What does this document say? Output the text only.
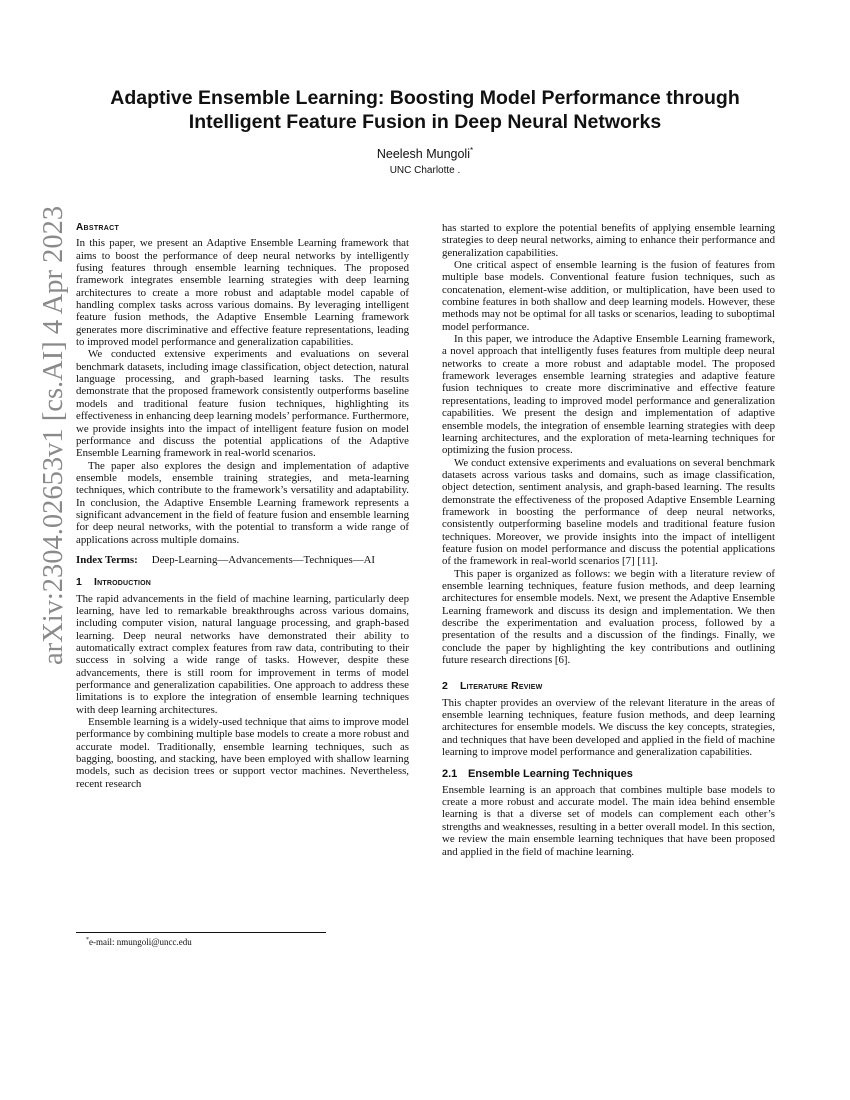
arXiv:2304.02653v1 [cs.AI] 4 Apr 2023
Adaptive Ensemble Learning: Boosting Model Performance through
Intelligent Feature Fusion in Deep Neural Networks
Neelesh Mungoli*
UNC Charlotte .
Abstract

In this paper, we present an Adaptive Ensemble Learning framework that aims to boost the performance of deep neural networks by intelligently fusing features through ensemble learning techniques. The proposed framework integrates ensemble learning strategies with deep learning architectures to create a more robust and adaptable model capable of handling complex tasks across various domains. By leveraging intelligent feature fusion methods, the Adaptive Ensemble Learning framework generates more discriminative and effective feature representations, leading to improved model performance and generalization capabilities.

We conducted extensive experiments and evaluations on several benchmark datasets, including image classification, object detection, natural language processing, and graph-based learning tasks. The results demonstrate that the proposed framework consistently outperforms baseline models and traditional feature fusion techniques, highlighting its effectiveness in enhancing deep learning models’ performance. Furthermore, we provide insights into the impact of intelligent feature fusion on model performance and discuss the potential applications of the Adaptive Ensemble Learning framework in real-world scenarios.

The paper also explores the design and implementation of adaptive ensemble models, ensemble training strategies, and meta-learning techniques, which contribute to the framework’s versatility and adaptability. In conclusion, the Adaptive Ensemble Learning framework represents a significant advancement in the field of feature fusion and ensemble learning for deep neural networks, with the potential to transform a wide range of applications across multiple domains.

Index Terms: Deep-Learning—Advancements—Techniques—AI

1 Introduction

The rapid advancements in the field of machine learning, particularly deep learning, have led to remarkable breakthroughs across various domains, including computer vision, natural language processing, and graph-based learning. Deep neural networks have demonstrated their ability to automatically extract complex features from raw data, contributing to their success in solving a wide range of tasks. However, despite these advancements, there is still room for improvement in terms of model performance and generalization capabilities. One approach to address these limitations is to explore the integration of ensemble learning techniques with deep learning architectures.

Ensemble learning is a widely-used technique that aims to improve model performance by combining multiple base models to create a more robust and accurate model. Traditionally, ensemble learning techniques, such as bagging, boosting, and stacking, have been employed with shallow learning models, such as decision trees or support vector machines. Nevertheless, recent research

*e-mail: nmungoli@uncc.edu

has started to explore the potential benefits of applying ensemble learning strategies to deep neural networks, aiming to enhance their performance and generalization capabilities.

One critical aspect of ensemble learning is the fusion of features from multiple base models. Conventional feature fusion techniques, such as concatenation, element-wise addition, or multiplication, have been used to combine features in both shallow and deep learning models. However, these methods may not be optimal for all tasks or scenarios, leading to suboptimal model performance.

In this paper, we introduce the Adaptive Ensemble Learning framework, a novel approach that intelligently fuses features from multiple deep neural networks to create a more robust and adaptable model. The proposed framework leverages ensemble learning strategies and adaptive feature fusion techniques to create more discriminative and effective feature representations, leading to improved model performance and generalization capabilities. We present the design and implementation of adaptive ensemble models, the integration of ensemble learning strategies with deep learning architectures, and the exploration of meta-learning techniques for optimizing the fusion process.

We conduct extensive experiments and evaluations on several benchmark datasets across various tasks and domains, such as image classification, object detection, sentiment analysis, and graph-based learning. The results demonstrate the effectiveness of the proposed Adaptive Ensemble Learning framework in boosting the performance of deep neural networks, consistently outperforming baseline models and traditional feature fusion techniques. Moreover, we provide insights into the impact of intelligent feature fusion on model performance and discuss the potential applications of the framework in real-world scenarios [7] [11].

This paper is organized as follows: we begin with a literature review of ensemble learning techniques, feature fusion methods, and deep learning architectures for ensemble models. Next, we present the Adaptive Ensemble Learning framework and discuss its design and implementation. We then describe the experimentation and evaluation process, followed by a presentation of the results and a discussion of the findings. Finally, we conclude the paper by highlighting the key contributions and outlining future research directions [6].

2 Literature Review

This chapter provides an overview of the relevant literature in the areas of ensemble learning techniques, feature fusion methods, and deep learning architectures for ensemble models. We discuss the key concepts, strategies, and techniques that have been developed and applied in the field of machine learning to improve model performance and generalization capabilities.

2.1 Ensemble Learning Techniques

Ensemble learning is an approach that combines multiple base models to create a more robust and accurate model. The main idea behind ensemble learning is that a diverse set of models can complement each other’s strengths and weaknesses, resulting in a better overall model. In this section, we review the main ensemble learning techniques that have been proposed and applied in the field of machine learning.
